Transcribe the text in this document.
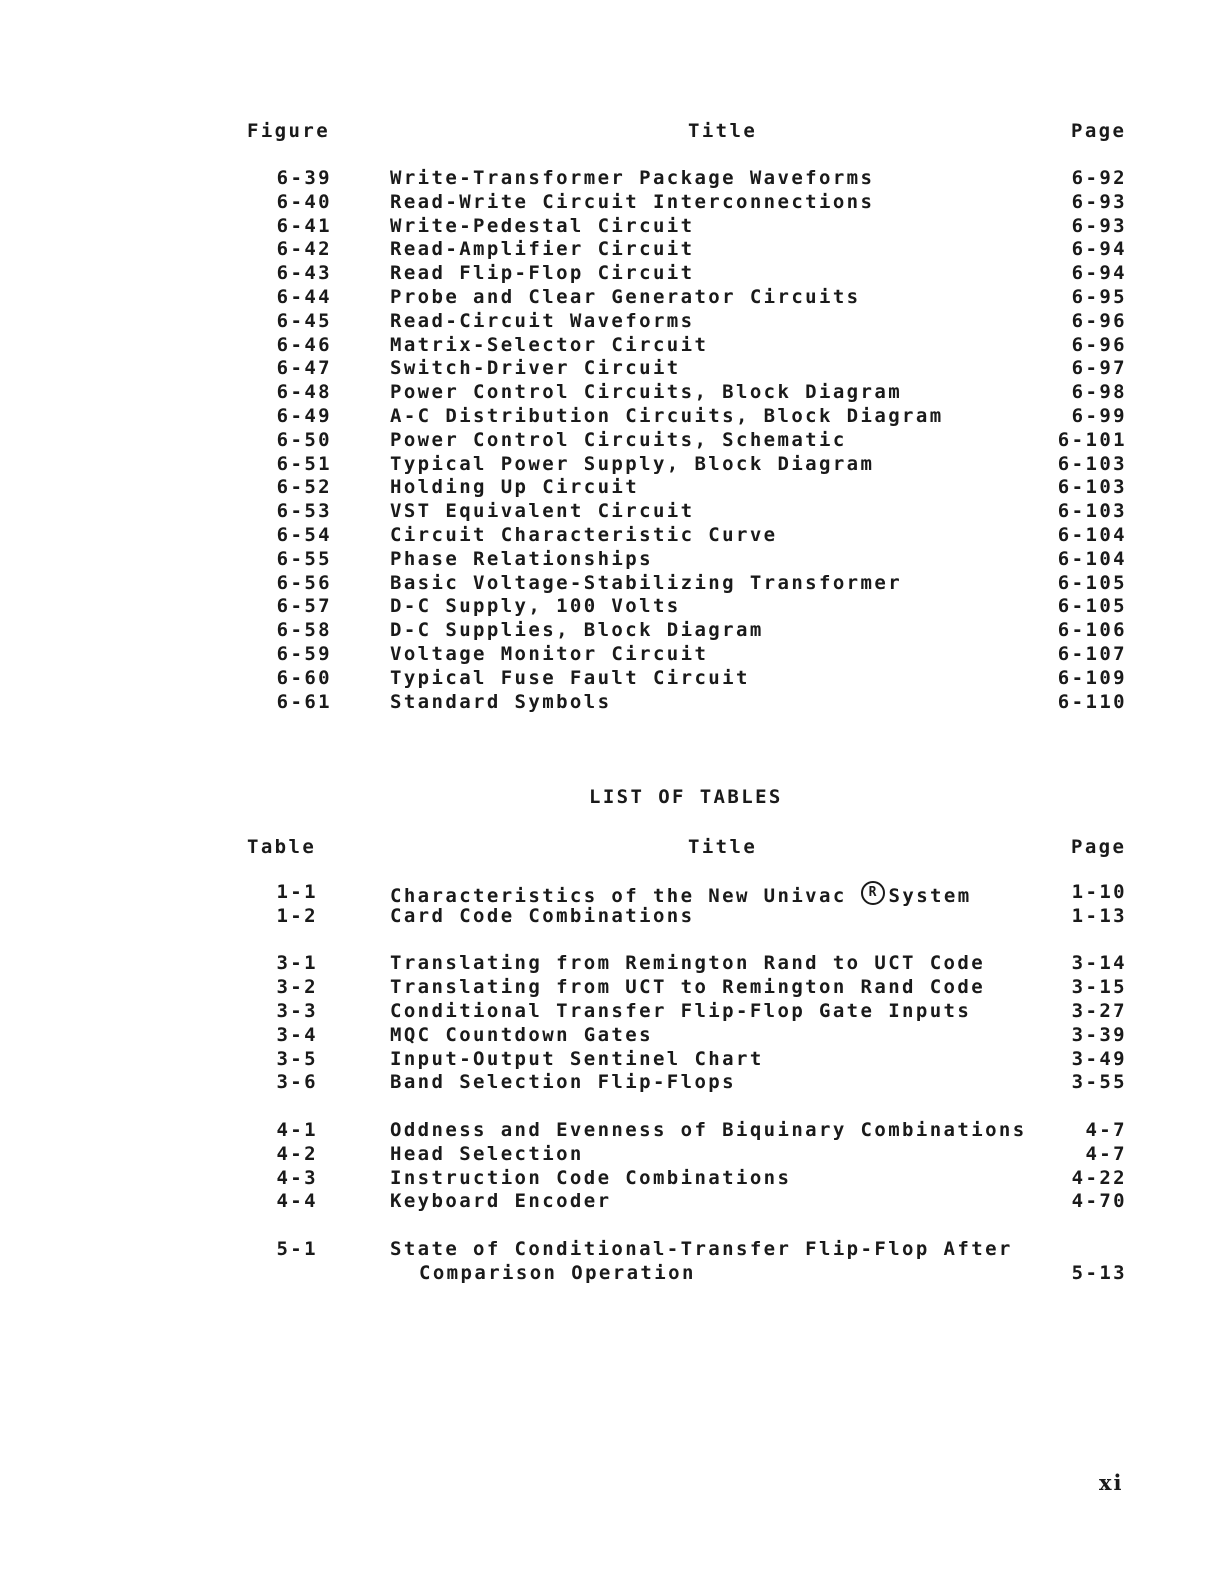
Figure	Title	Page
6-39	Write-Transformer Package Waveforms	6-92
6-40	Read-Write Circuit Interconnections	6-93
6-41	Write-Pedestal Circuit	6-93
6-42	Read-Amplifier Circuit	6-94
6-43	Read Flip-Flop Circuit	6-94
6-44	Probe and Clear Generator Circuits	6-95
6-45	Read-Circuit Waveforms	6-96
6-46	Matrix-Selector Circuit	6-96
6-47	Switch-Driver Circuit	6-97
6-48	Power Control Circuits, Block Diagram	6-98
6-49	A-C Distribution Circuits, Block Diagram	6-99
6-50	Power Control Circuits, Schematic	6-101
6-51	Typical Power Supply, Block Diagram	6-103
6-52	Holding Up Circuit	6-103
6-53	VST Equivalent Circuit	6-103
6-54	Circuit Characteristic Curve	6-104
6-55	Phase Relationships	6-104
6-56	Basic Voltage-Stabilizing Transformer	6-105
6-57	D-C Supply, 100 Volts	6-105
6-58	D-C Supplies, Block Diagram	6-106
6-59	Voltage Monitor Circuit	6-107
6-60	Typical Fuse Fault Circuit	6-109
6-61	Standard Symbols	6-110
LIST OF TABLES
Table	Title	Page
1-1	Characteristics of the New Univac R System	1-10
1-2	Card Code Combinations	1-13
3-1	Translating from Remington Rand to UCT Code	3-14
3-2	Translating from UCT to Remington Rand Code	3-15
3-3	Conditional Transfer Flip-Flop Gate Inputs	3-27
3-4	MQC Countdown Gates	3-39
3-5	Input-Output Sentinel Chart	3-49
3-6	Band Selection Flip-Flops	3-55
4-1	Oddness and Evenness of Biquinary Combinations	4-7
4-2	Head Selection	4-7
4-3	Instruction Code Combinations	4-22
4-4	Keyboard Encoder	4-70
5-1	State of Conditional-Transfer Flip-Flop After
Comparison Operation	5-13
xi
